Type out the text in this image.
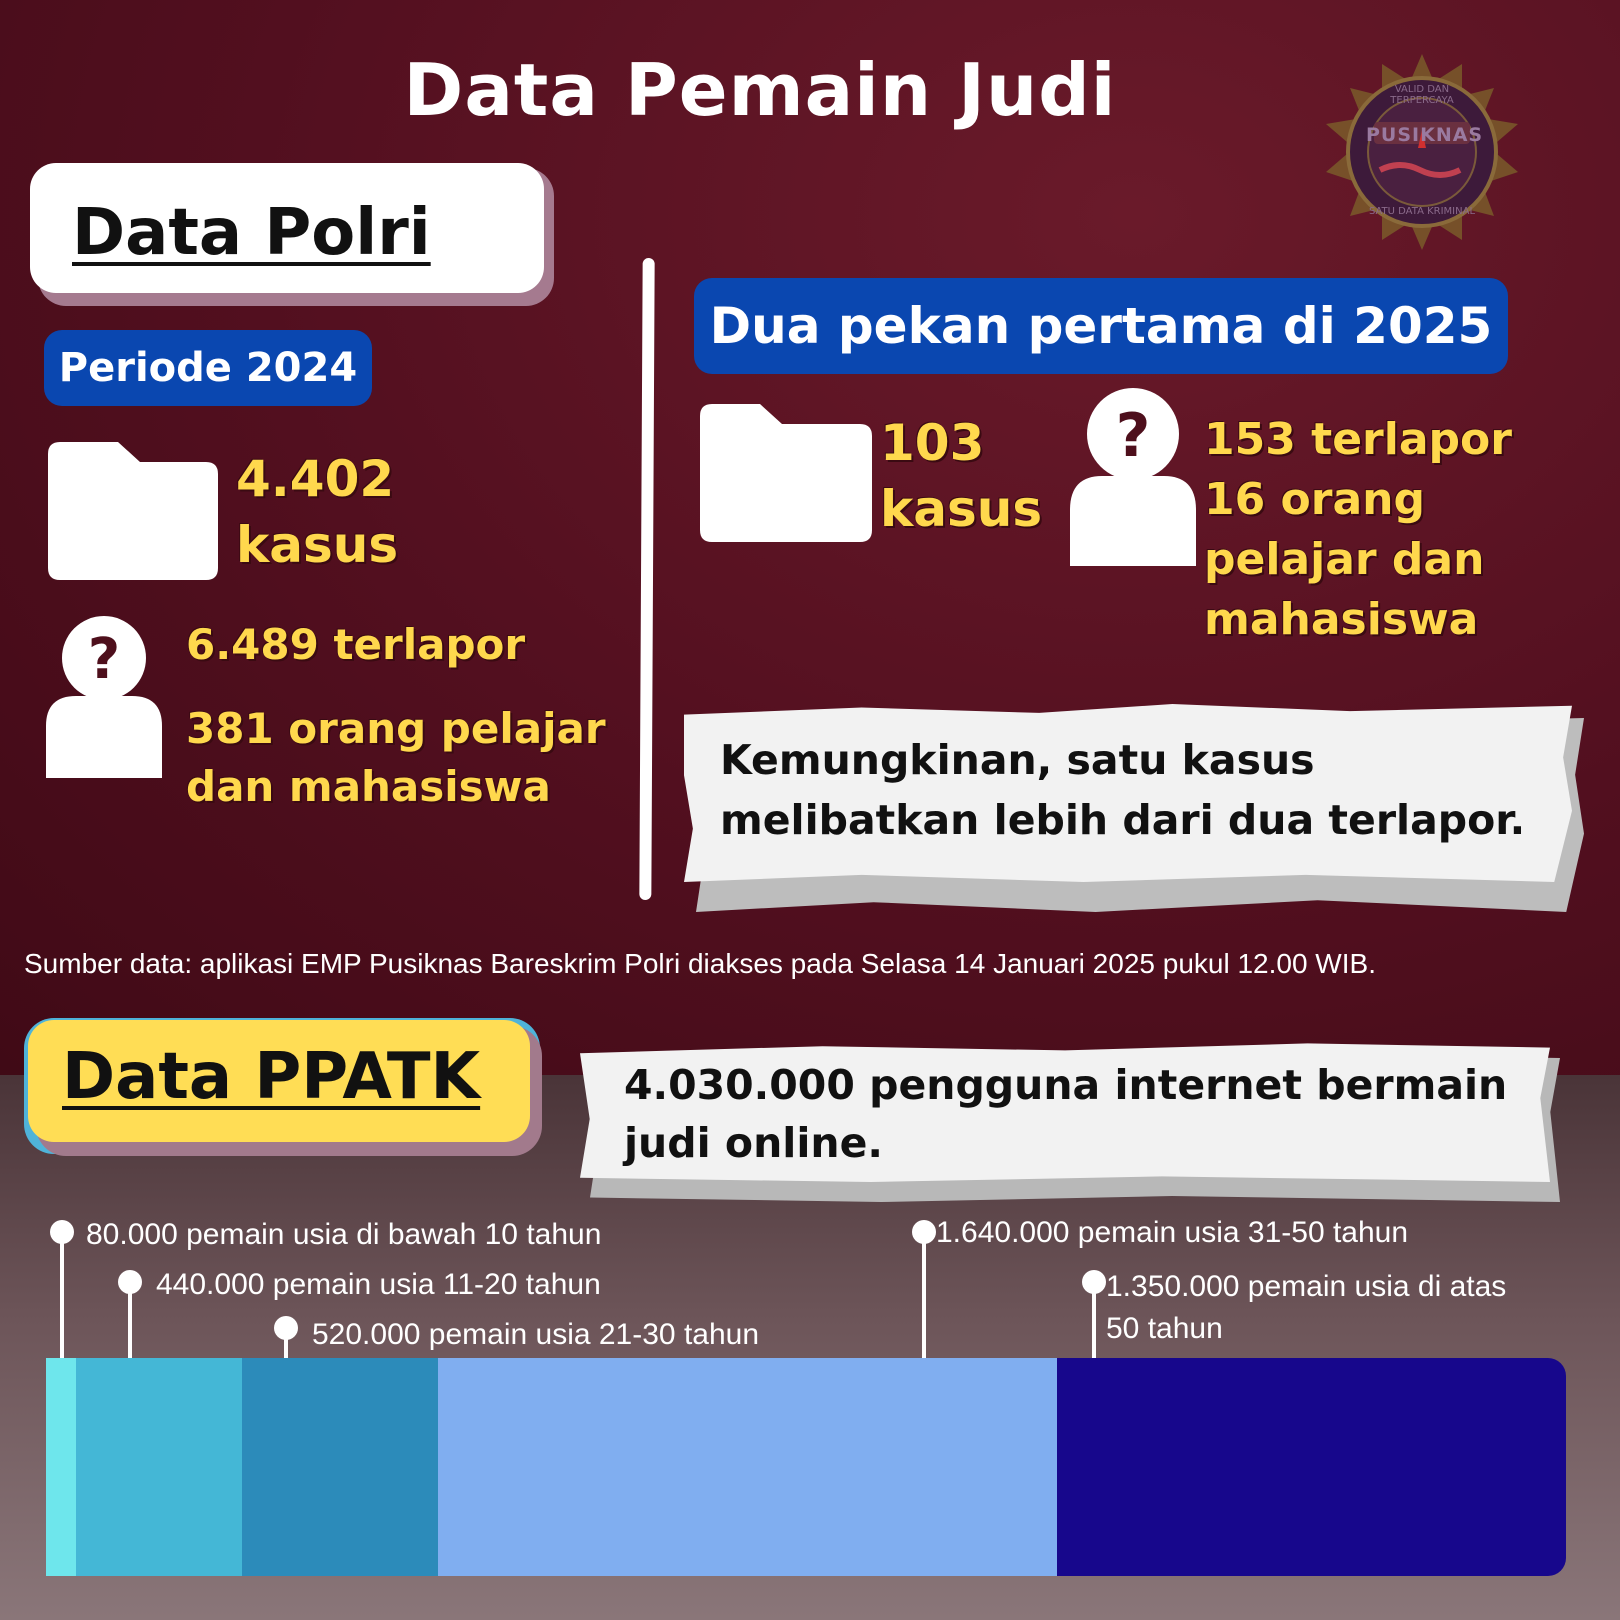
Data Pemain Judi
PUSIKNAS
VALID DAN TERPERCAYA
SATU DATA KRIMINAL
Data Polri
Periode 2024
4.402
kasus
? 6.489 terlapor
381 orang pelajar
dan mahasiswa
Dua pekan pertama di 2025
103
kasus
? 153 terlapor
16 orang
pelajar dan
mahasiswa
Kemungkinan, satu kasus
melibatkan lebih dari dua terlapor.
Sumber data: aplikasi EMP Pusiknas Bareskrim Polri diakses pada Selasa 14 Januari 2025 pukul 12.00 WIB.
Data PPATK	4.030.000 pengguna internet bermain
judi online.
80.000 pemain usia di bawah 10 tahun
440.000 pemain usia 11-20 tahun
520.000 pemain usia 21-30 tahun
1.640.000 pemain usia 31-50 tahun
1.350.000 pemain usia di atas
50 tahun
